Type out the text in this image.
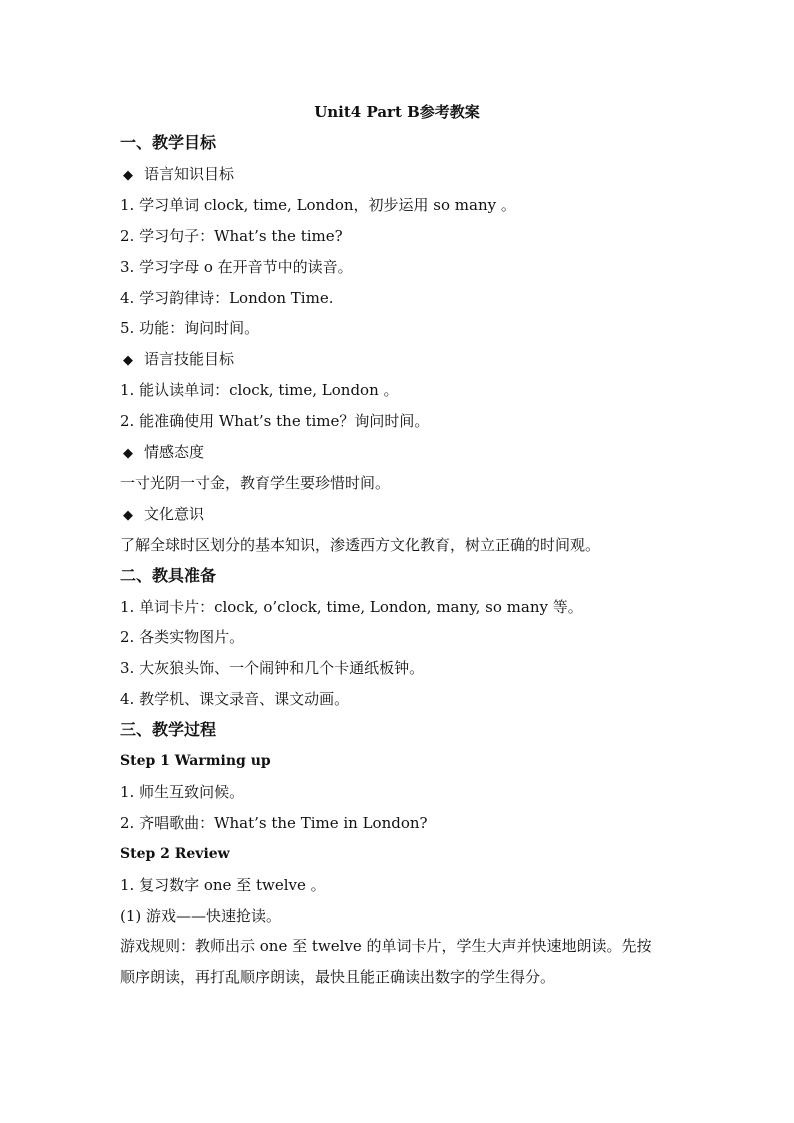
Unit4 Part B参考教案
一、教学目标
◆ 语言知识目标
1. 学习单词 clock, time, London，初步运用 so many 。
2. 学习句子：What’s the time?
3. 学习字母 o 在开音节中的读音。
4. 学习韵律诗：London Time.
5. 功能：询问时间。
◆ 语言技能目标
1. 能认读单词：clock, time, London 。
2. 能准确使用 What’s the time？询问时间。
◆ 情感态度
一寸光阴一寸金，教育学生要珍惜时间。
◆ 文化意识
了解全球时区划分的基本知识，渗透西方文化教育，树立正确的时间观。
二、教具准备
1. 单词卡片：clock, o’clock, time, London, many, so many 等。
2. 各类实物图片。
3. 大灰狼头饰、一个闹钟和几个卡通纸板钟。
4. 教学机、课文录音、课文动画。
三、教学过程
Step 1 Warming up
1. 师生互致问候。
2. 齐唱歌曲：What’s the Time in London?
Step 2 Review
1. 复习数字 one 至 twelve 。
(1) 游戏——快速抢读。
游戏规则：教师出示 one 至 twelve 的单词卡片，学生大声并快速地朗读。先按
顺序朗读，再打乱顺序朗读，最快且能正确读出数字的学生得分。
